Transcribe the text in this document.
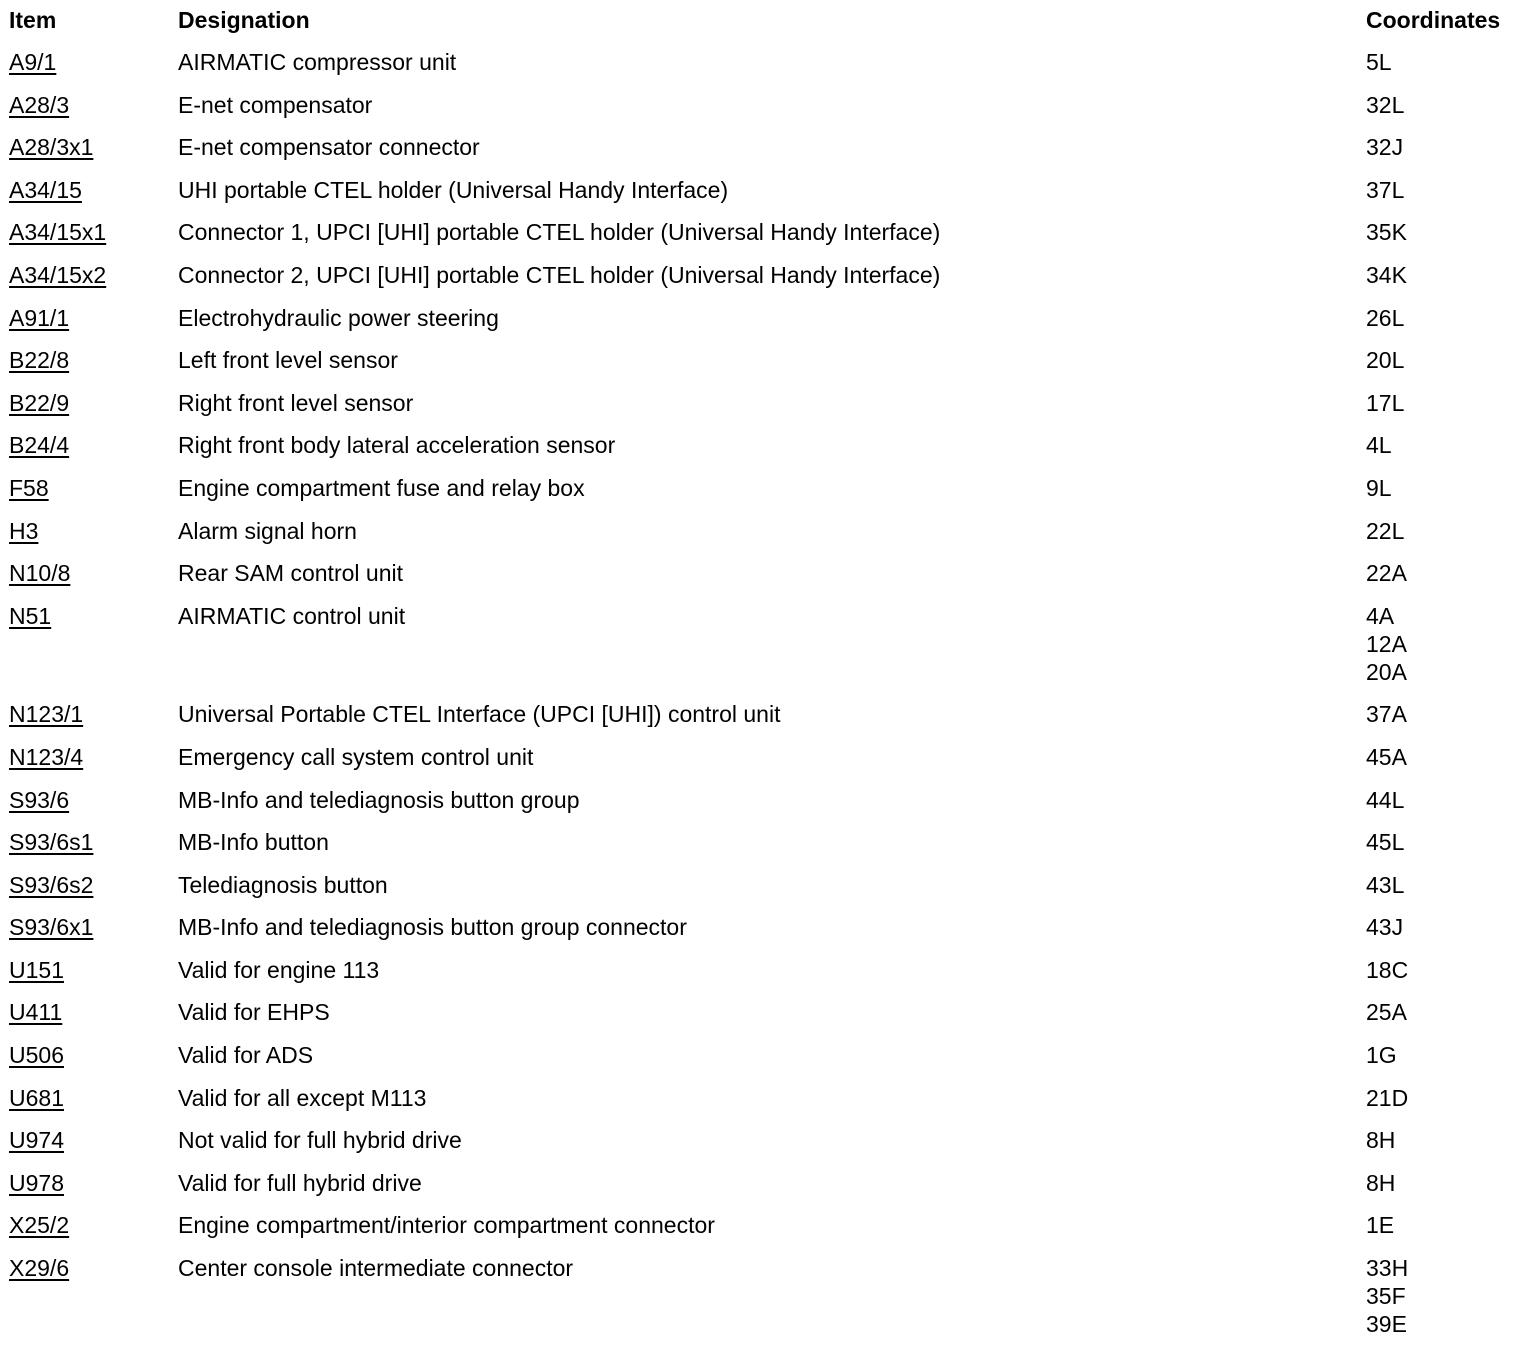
Item	Designation	Coordinates
A9/1	AIRMATIC compressor unit	5L
A28/3	E-net compensator	32L
A28/3x1	E-net compensator connector	32J
A34/15	UHI portable CTEL holder (Universal Handy Interface)	37L
A34/15x1	Connector 1, UPCI [UHI] portable CTEL holder (Universal Handy Interface)	35K
A34/15x2	Connector 2, UPCI [UHI] portable CTEL holder (Universal Handy Interface)	34K
A91/1	Electrohydraulic power steering	26L
B22/8	Left front level sensor	20L
B22/9	Right front level sensor	17L
B24/4	Right front body lateral acceleration sensor	4L
F58	Engine compartment fuse and relay box	9L
H3	Alarm signal horn	22L
N10/8	Rear SAM control unit	22A
N51	AIRMATIC control unit	4A
12A
20A
N123/1	Universal Portable CTEL Interface (UPCI [UHI]) control unit	37A
N123/4	Emergency call system control unit	45A
S93/6	MB-Info and telediagnosis button group	44L
S93/6s1	MB-Info button	45L
S93/6s2	Telediagnosis button	43L
S93/6x1	MB-Info and telediagnosis button group connector	43J
U151	Valid for engine 113	18C
U411	Valid for EHPS	25A
U506	Valid for ADS	1G
U681	Valid for all except M113	21D
U974	Not valid for full hybrid drive	8H
U978	Valid for full hybrid drive	8H
X25/2	Engine compartment/interior compartment connector	1E
X29/6	Center console intermediate connector	33H
35F
39E
